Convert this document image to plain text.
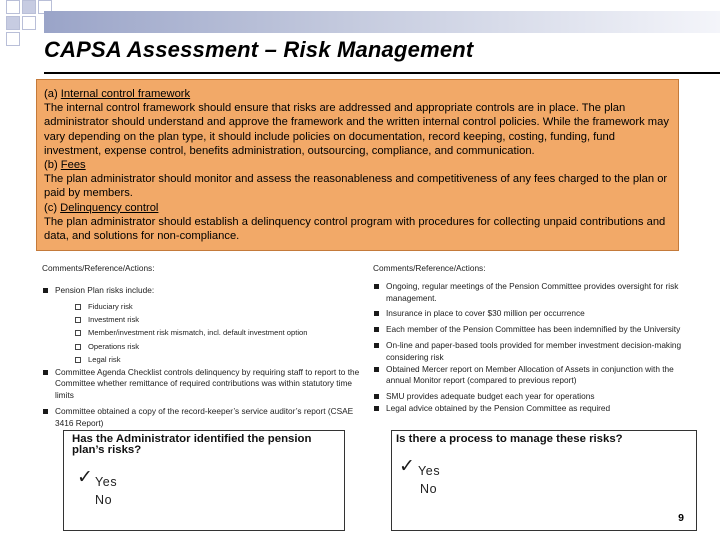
CAPSA Assessment – Risk Management
(a) Internal control framework
The internal control framework should ensure that risks are addressed and appropriate controls are in place. The plan administrator should understand and approve the framework and the written internal control policies. While the framework may vary depending on the plan type, it should include policies on documentation, record keeping, costing, funding, fund investment, expense control, benefits administration, outsourcing, compliance, and communication.
(b) Fees
The plan administrator should monitor and assess the reasonableness and competitiveness of any fees charged to the plan or paid by members.
(c) Delinquency control
The plan administrator should establish a delinquency control program with procedures for collecting unpaid contributions and data, and solutions for non-compliance.
Comments/Reference/Actions:
Pension Plan risks include:
Fiduciary risk
Investment risk
Member/investment risk mismatch, incl. default investment option
Operations risk
Legal risk
Committee Agenda Checklist controls delinquency by requiring staff to report to the Committee whether remittance of required contributions was within statutory time limits
Committee obtained a copy of the record-keeper’s service auditor’s report (CSAE 3416 Report)
Comments/Reference/Actions:
Ongoing, regular meetings of the Pension Committee provides oversight for risk management.
Insurance in place to cover $30 million per occurrence
Each member of the Pension Committee has been indemnified by the University
On-line and paper-based tools provided for member investment decision-making considering risk
Obtained Mercer report on Member Allocation of Assets in conjunction with the annual Monitor report (compared to previous report)
SMU provides adequate budget each year for operations
Legal advice obtained by the Pension Committee as required
Has the Administrator identified the pension plan’s risks?
✓ Yes
No
Is there a process to manage these risks?
✓ Yes
No
9
